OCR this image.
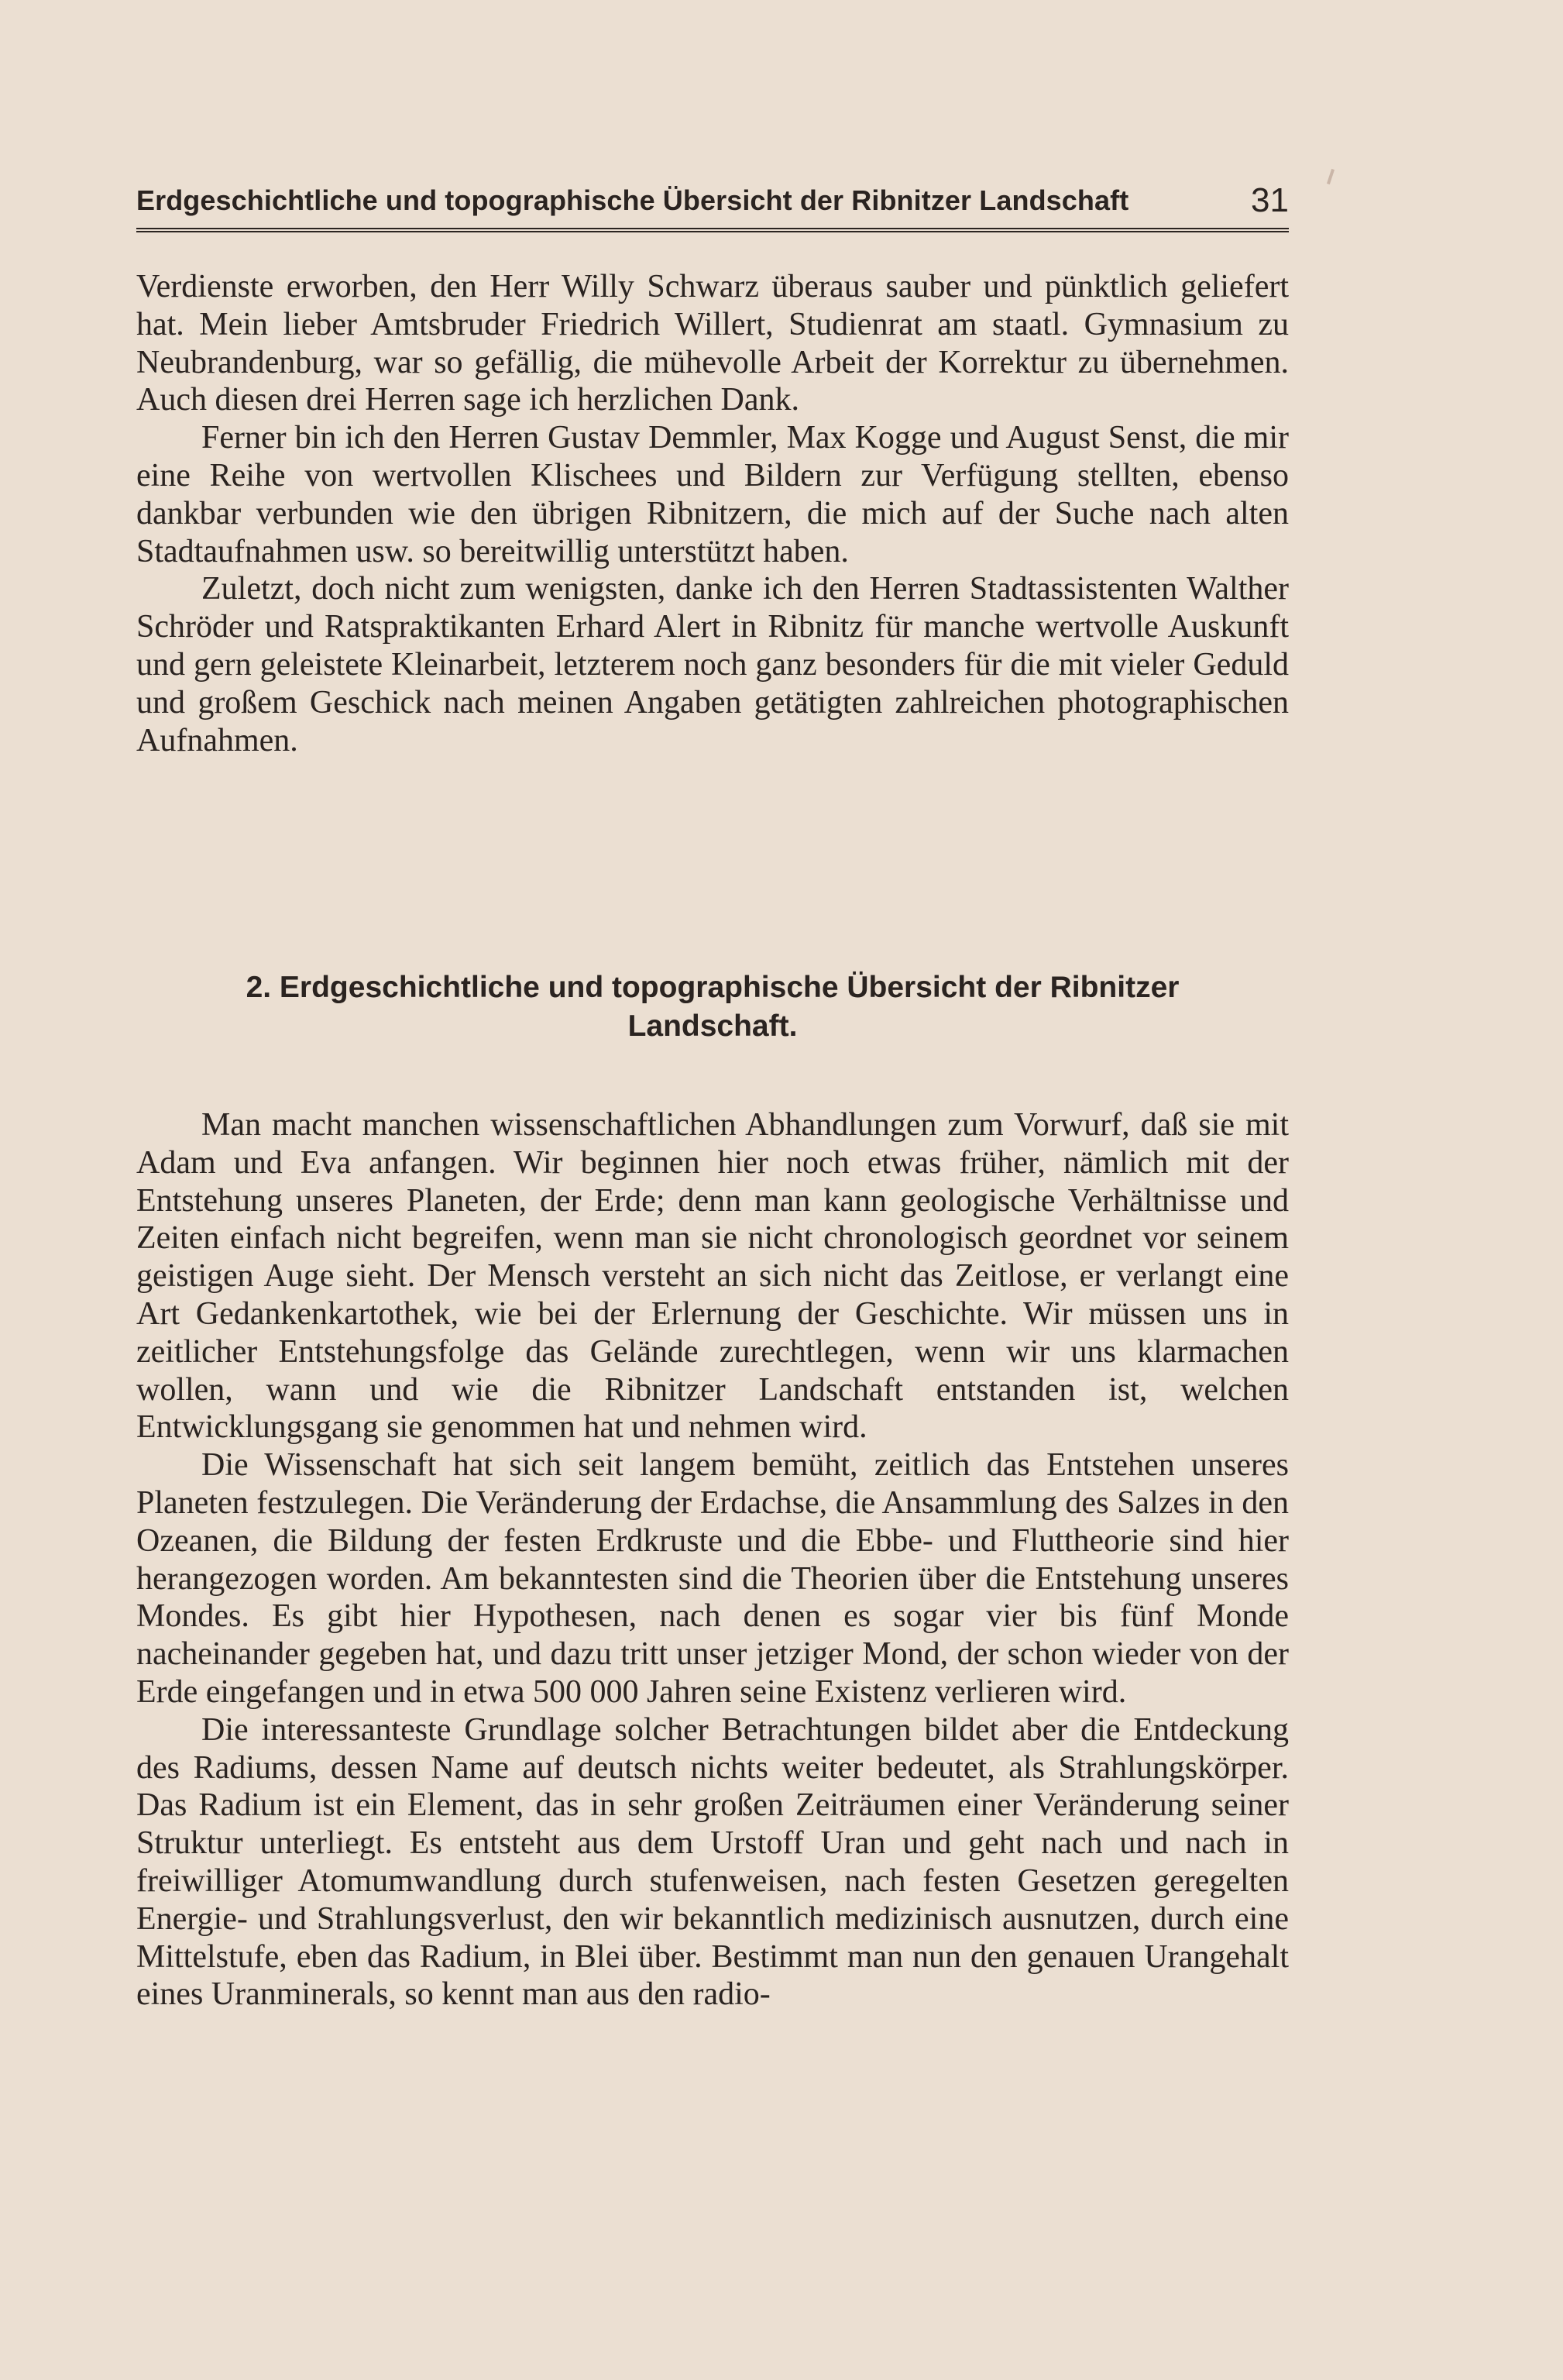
Erdgeschichtliche und topographische Übersicht der Ribnitzer Landschaft	31

Verdienste erworben, den Herr Willy Schwarz überaus sauber und pünktlich geliefert hat. Mein lieber Amtsbruder Friedrich Willert, Studienrat am staatl. Gymnasium zu Neubrandenburg, war so gefällig, die mühevolle Arbeit der Korrektur zu übernehmen. Auch diesen drei Herren sage ich herzlichen Dank.

Ferner bin ich den Herren Gustav Demmler, Max Kogge und August Senst, die mir eine Reihe von wertvollen Klischees und Bildern zur Verfügung stellten, ebenso dankbar verbunden wie den übrigen Ribnitzern, die mich auf der Suche nach alten Stadtaufnahmen usw. so bereitwillig unterstützt haben.

Zuletzt, doch nicht zum wenigsten, danke ich den Herren Stadtassistenten Walther Schröder und Ratspraktikanten Erhard Alert in Ribnitz für manche wertvolle Auskunft und gern geleistete Kleinarbeit, letzterem noch ganz besonders für die mit vieler Geduld und großem Geschick nach meinen Angaben getätigten zahlreichen photographischen Aufnahmen.

2. Erdgeschichtliche und topographische Übersicht der Ribnitzer
Landschaft.

Man macht manchen wissenschaftlichen Abhandlungen zum Vorwurf, daß sie mit Adam und Eva anfangen. Wir beginnen hier noch etwas früher, nämlich mit der Entstehung unseres Planeten, der Erde; denn man kann geologische Verhältnisse und Zeiten einfach nicht begreifen, wenn man sie nicht chronologisch geordnet vor seinem geistigen Auge sieht. Der Mensch versteht an sich nicht das Zeitlose, er verlangt eine Art Gedankenkartothek, wie bei der Erlernung der Geschichte. Wir müssen uns in zeitlicher Entstehungsfolge das Gelände zurechtlegen, wenn wir uns klarmachen wollen, wann und wie die Ribnitzer Landschaft entstanden ist, welchen Entwicklungsgang sie genommen hat und nehmen wird.

Die Wissenschaft hat sich seit langem bemüht, zeitlich das Entstehen unseres Planeten festzulegen. Die Veränderung der Erdachse, die Ansammlung des Salzes in den Ozeanen, die Bildung der festen Erdkruste und die Ebbe- und Fluttheorie sind hier herangezogen worden. Am bekanntesten sind die Theorien über die Entstehung unseres Mondes. Es gibt hier Hypothesen, nach denen es sogar vier bis fünf Monde nacheinander gegeben hat, und dazu tritt unser jetziger Mond, der schon wieder von der Erde eingefangen und in etwa 500 000 Jahren seine Existenz verlieren wird.

Die interessanteste Grundlage solcher Betrachtungen bildet aber die Entdeckung des Radiums, dessen Name auf deutsch nichts weiter bedeutet, als Strahlungskörper. Das Radium ist ein Element, das in sehr großen Zeiträumen einer Veränderung seiner Struktur unterliegt. Es entsteht aus dem Urstoff Uran und geht nach und nach in freiwilliger Atomumwandlung durch stufenweisen, nach festen Gesetzen geregelten Energie- und Strahlungsverlust, den wir bekanntlich medizinisch ausnutzen, durch eine Mittelstufe, eben das Radium, in Blei über. Bestimmt man nun den genauen Urangehalt eines Uranminerals, so kennt man aus den radio-
